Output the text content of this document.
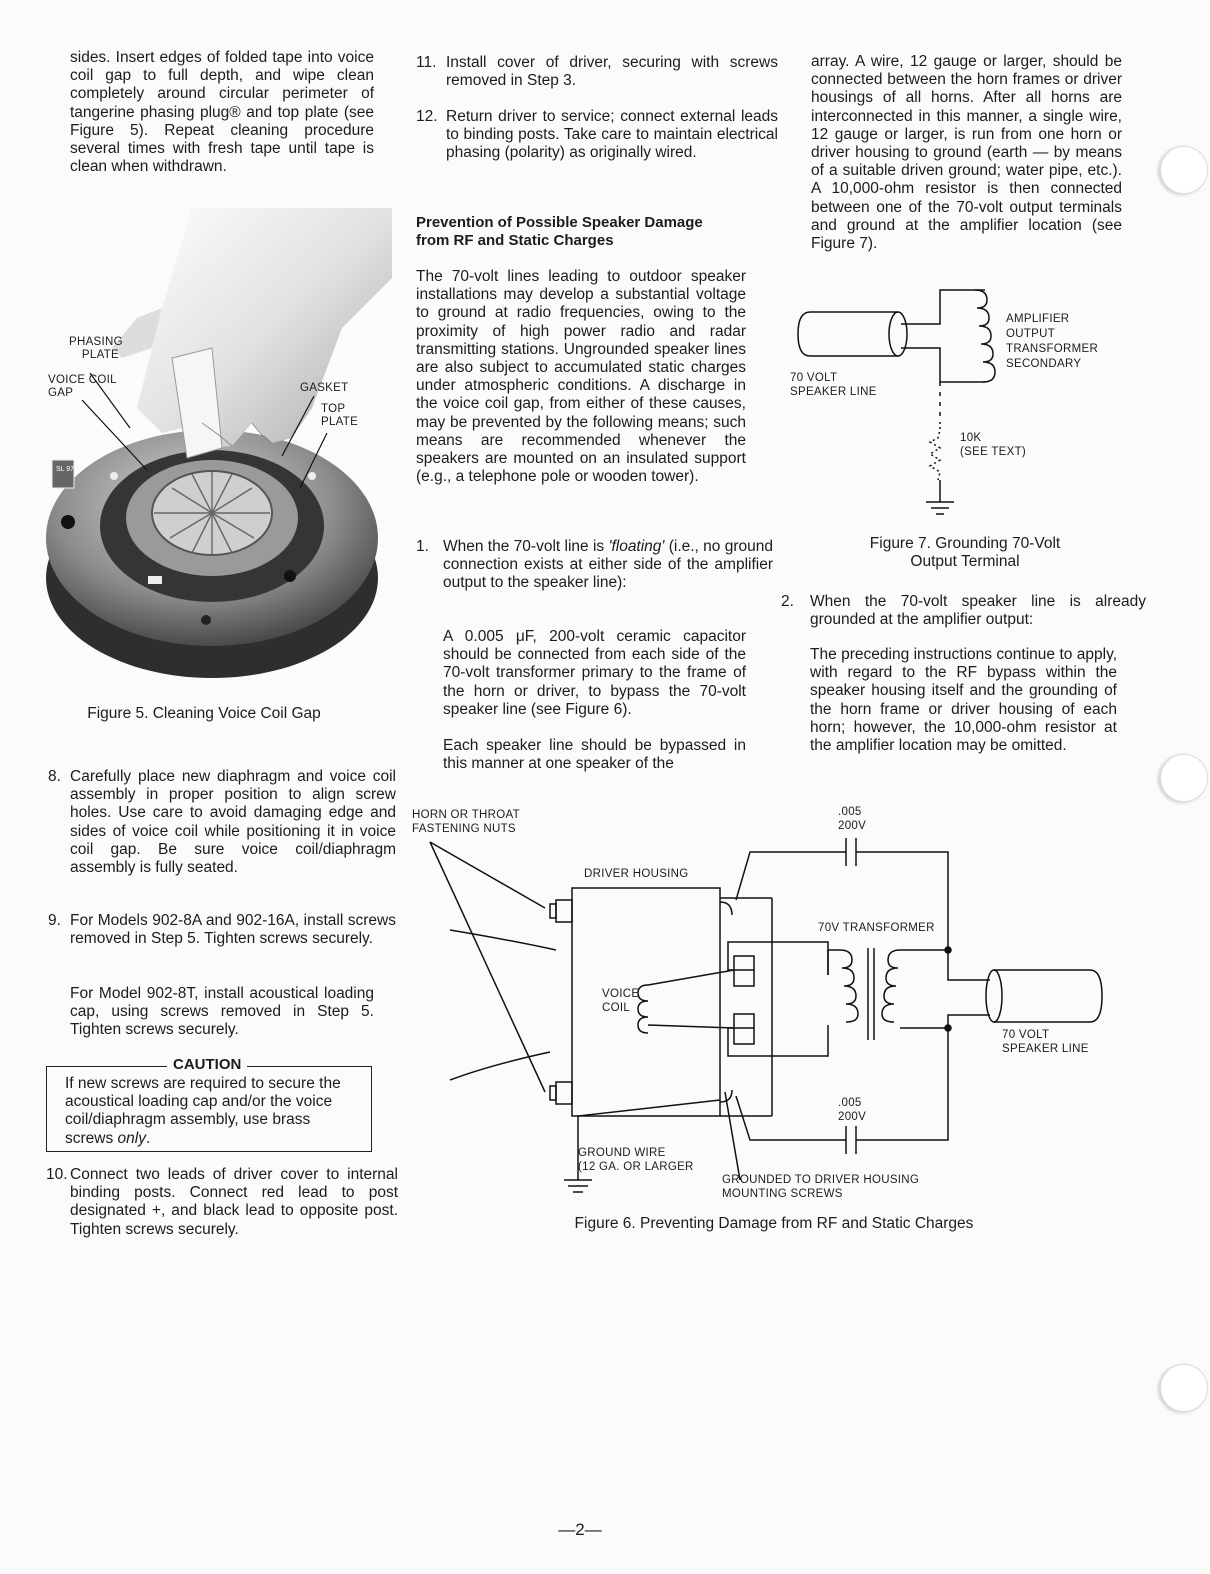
sides. Insert edges of folded tape into voice coil gap to full depth, and wipe clean completely around circular perimeter of tangerine phasing plug® and top plate (see Figure 5). Repeat cleaning procedure several times with fresh tape until tape is clean when withdrawn.
SL 97
PHASING PLATE
VOICE COIL GAP	GASKET
TOP PLATE
Figure 5. Cleaning Voice Coil Gap
8. Carefully place new diaphragm and voice coil assembly in proper position to align screw holes. Use care to avoid damaging edge and sides of voice coil while positioning it in voice coil gap. Be sure voice coil/diaphragm assembly is fully seated.
9. For Models 902-8A and 902-16A, install screws removed in Step 5. Tighten screws securely.
For Model 902-8T, install acoustical loading cap, using screws removed in Step 5. Tighten screws securely.
CAUTION
If new screws are required to secure the acoustical loading cap and/or the voice coil/diaphragm assembly, use brass screws only.
10. Connect two leads of driver cover to internal binding posts. Connect red lead to post designated +, and black lead to opposite post. Tighten screws securely.
11. Install cover of driver, securing with screws removed in Step 3.
12. Return driver to service; connect external leads to binding posts. Take care to maintain electrical phasing (polarity) as originally wired.
Prevention of Possible Speaker Damage from RF and Static Charges
The 70-volt lines leading to outdoor speaker installations may develop a substantial voltage to ground at radio frequencies, owing to the proximity of high power radio and radar transmitting stations. Ungrounded speaker lines are also subject to accumulated static charges under atmospheric conditions. A discharge in the voice coil gap, from either of these causes, may be prevented by the following means; such means are recommended whenever the speakers are mounted on an insulated support (e.g., a telephone pole or wooden tower).
1. When the 70-volt line is 'floating' (i.e., no ground connection exists at either side of the amplifier output to the speaker line):
A 0.005 μF, 200-volt ceramic capacitor should be connected from each side of the 70-volt transformer primary to the frame of the horn or driver, to bypass the 70-volt speaker line (see Figure 6).
Each speaker line should be bypassed in this manner at one speaker of the
array. A wire, 12 gauge or larger, should be connected between the horn frames or driver housings of all horns. After all horns are interconnected in this manner, a single wire, 12 gauge or larger, is run from one horn or driver housing to ground (earth — by means of a suitable driven ground; water pipe, etc.). A 10,000-ohm resistor is then connected between one of the 70-volt output terminals and ground at the amplifier location (see Figure 7).
AMPLIFIER
OUTPUT
TRANSFORMER
SECONDARY
70 VOLT
SPEAKER LINE
10K
(SEE TEXT)
Figure 7. Grounding 70-Volt
Output Terminal
2. When the 70-volt speaker line is already grounded at the amplifier output:
The preceding instructions continue to apply, with regard to the RF bypass within the speaker housing itself and the grounding of the horn frame or driver housing of each horn; however, the 10,000-ohm resistor at the amplifier location may be omitted.
HORN OR THROAT
FASTENING NUTS
DRIVER HOUSING
.005
200V
70V TRANSFORMER
VOICE
COIL
70 VOLT
SPEAKER LINE
.005
200V
GROUND WIRE
(12 GA. OR LARGER
GROUNDED TO DRIVER HOUSING
MOUNTING SCREWS
Figure 6. Preventing Damage from RF and Static Charges
—2—
